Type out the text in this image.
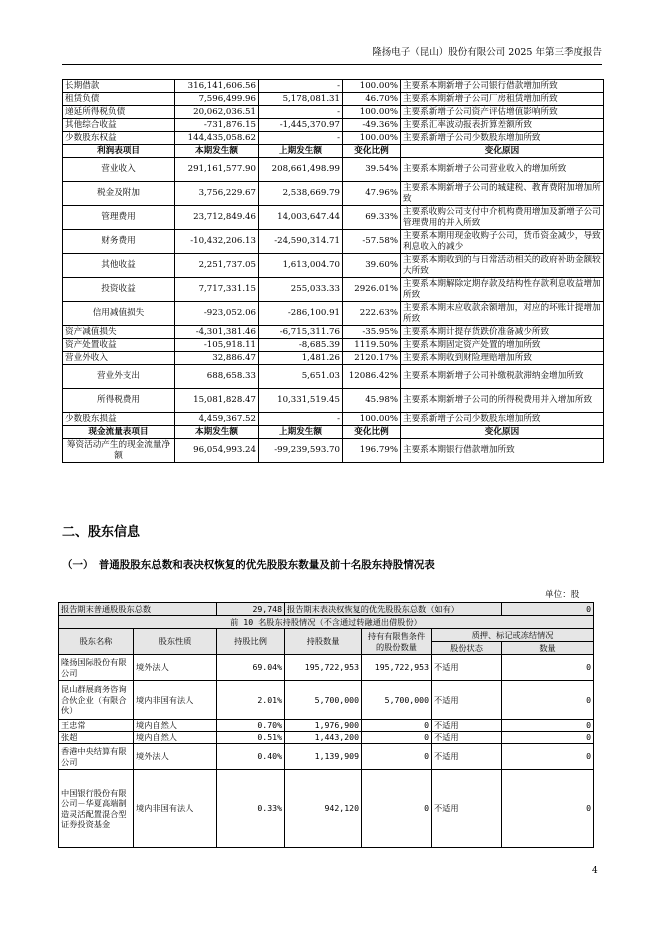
隆扬电子（昆山）股份有限公司 2025 年第三季度报告
长期借款	316,141,606.56	-	100.00%	主要系本期新增子公司银行借款增加所致
租赁负债	7,596,499.96	5,178,081.31	46.70%	主要系本期新增子公司厂房租赁增加所致
递延所得税负债	20,062,036.51	-	100.00%	主要系新增子公司资产评估增值影响所致
其他综合收益	-731,876.15	-1,445,370.97	-49.36%	主要系汇率波动报表折算差额所致
少数股东权益	144,435,058.62	-	100.00%	主要系新增子公司少数股东增加所致
利润表项目	本期发生额	上期发生额	变化比例	变化原因
营业收入	291,161,577.90	208,661,498.99	39.54%	主要系本期新增子公司营业收入的增加所致
税金及附加	3,756,229.67	2,538,669.79	47.96%	主要系本期新增子公司的城建税、教育费附加增加所致
管理费用	23,712,849.46	14,003,647.44	69.33%	主要系收购公司支付中介机构费用增加及新增子公司管理费用的并入所致
财务费用	-10,432,206.13	-24,590,314.71	-57.58%	主要系本期用现金收购子公司，货币资金减少，导致利息收入的减少
其他收益	2,251,737.05	1,613,004.70	39.60%	主要系本期收到的与日常活动相关的政府补助金额较大所致
投资收益	7,717,331.15	255,033.33	2926.01%	主要系本期解除定期存款及结构性存款利息收益增加所致
信用减值损失	-923,052.06	-286,100.91	222.63%	主要系本期末应收款余额增加，对应的坏账计提增加所致
资产减值损失	-4,301,381.46	-6,715,311.76	-35.95%	主要系本期计提存货跌价准备减少所致
资产处置收益	-105,918.11	-8,685.39	1119.50%	主要系本期固定资产处置的增加所致
营业外收入	32,886.47	1,481.26	2120.17%	主要系本期收到财险理赔增加所致
营业外支出	688,658.33	5,651.03	12086.42%	主要系本期新增子公司补缴税款滞纳金增加所致
所得税费用	15,081,828.47	10,331,519.45	45.98%	主要系本期新增子公司的所得税费用并入增加所致
少数股东损益	4,459,367.52	-	100.00%	主要系新增子公司少数股东增加所致
现金流量表项目	本期发生额	上期发生额	变化比例	变化原因
筹资活动产生的现金流量净额	96,054,993.24	-99,239,593.70	196.79%	主要系本期银行借款增加所致
二、股东信息
（一）　普通股股东总数和表决权恢复的优先股股东数量及前十名股东持股情况表
单位：股
报告期末普通股股东总数		29,748	报告期末表决权恢复的优先股股东总数（如有）			0
前 10 名股东持股情况（不含通过转融通出借股份）						
股东名称	股东性质	持股比例	持股数量	持有有限售条件的股份数量	质押、标记或冻结情况	
					股份状态	数量
隆扬国际股份有限公司	境外法人	69.04%	195,722,953	195,722,953	不适用	0
昆山群展商务咨询合伙企业（有限合伙）	境内非国有法人	2.01%	5,700,000	5,700,000	不适用	0
王忠常	境内自然人	0.70%	1,976,900	0	不适用	0
张超	境内自然人	0.51%	1,443,200	0	不适用	0
香港中央结算有限公司	境外法人	0.40%	1,139,909	0	不适用	0
中国银行股份有限公司－华夏高端制造灵活配置混合型证券投资基金	境内非国有法人	0.33%	942,120	0	不适用	0
4
